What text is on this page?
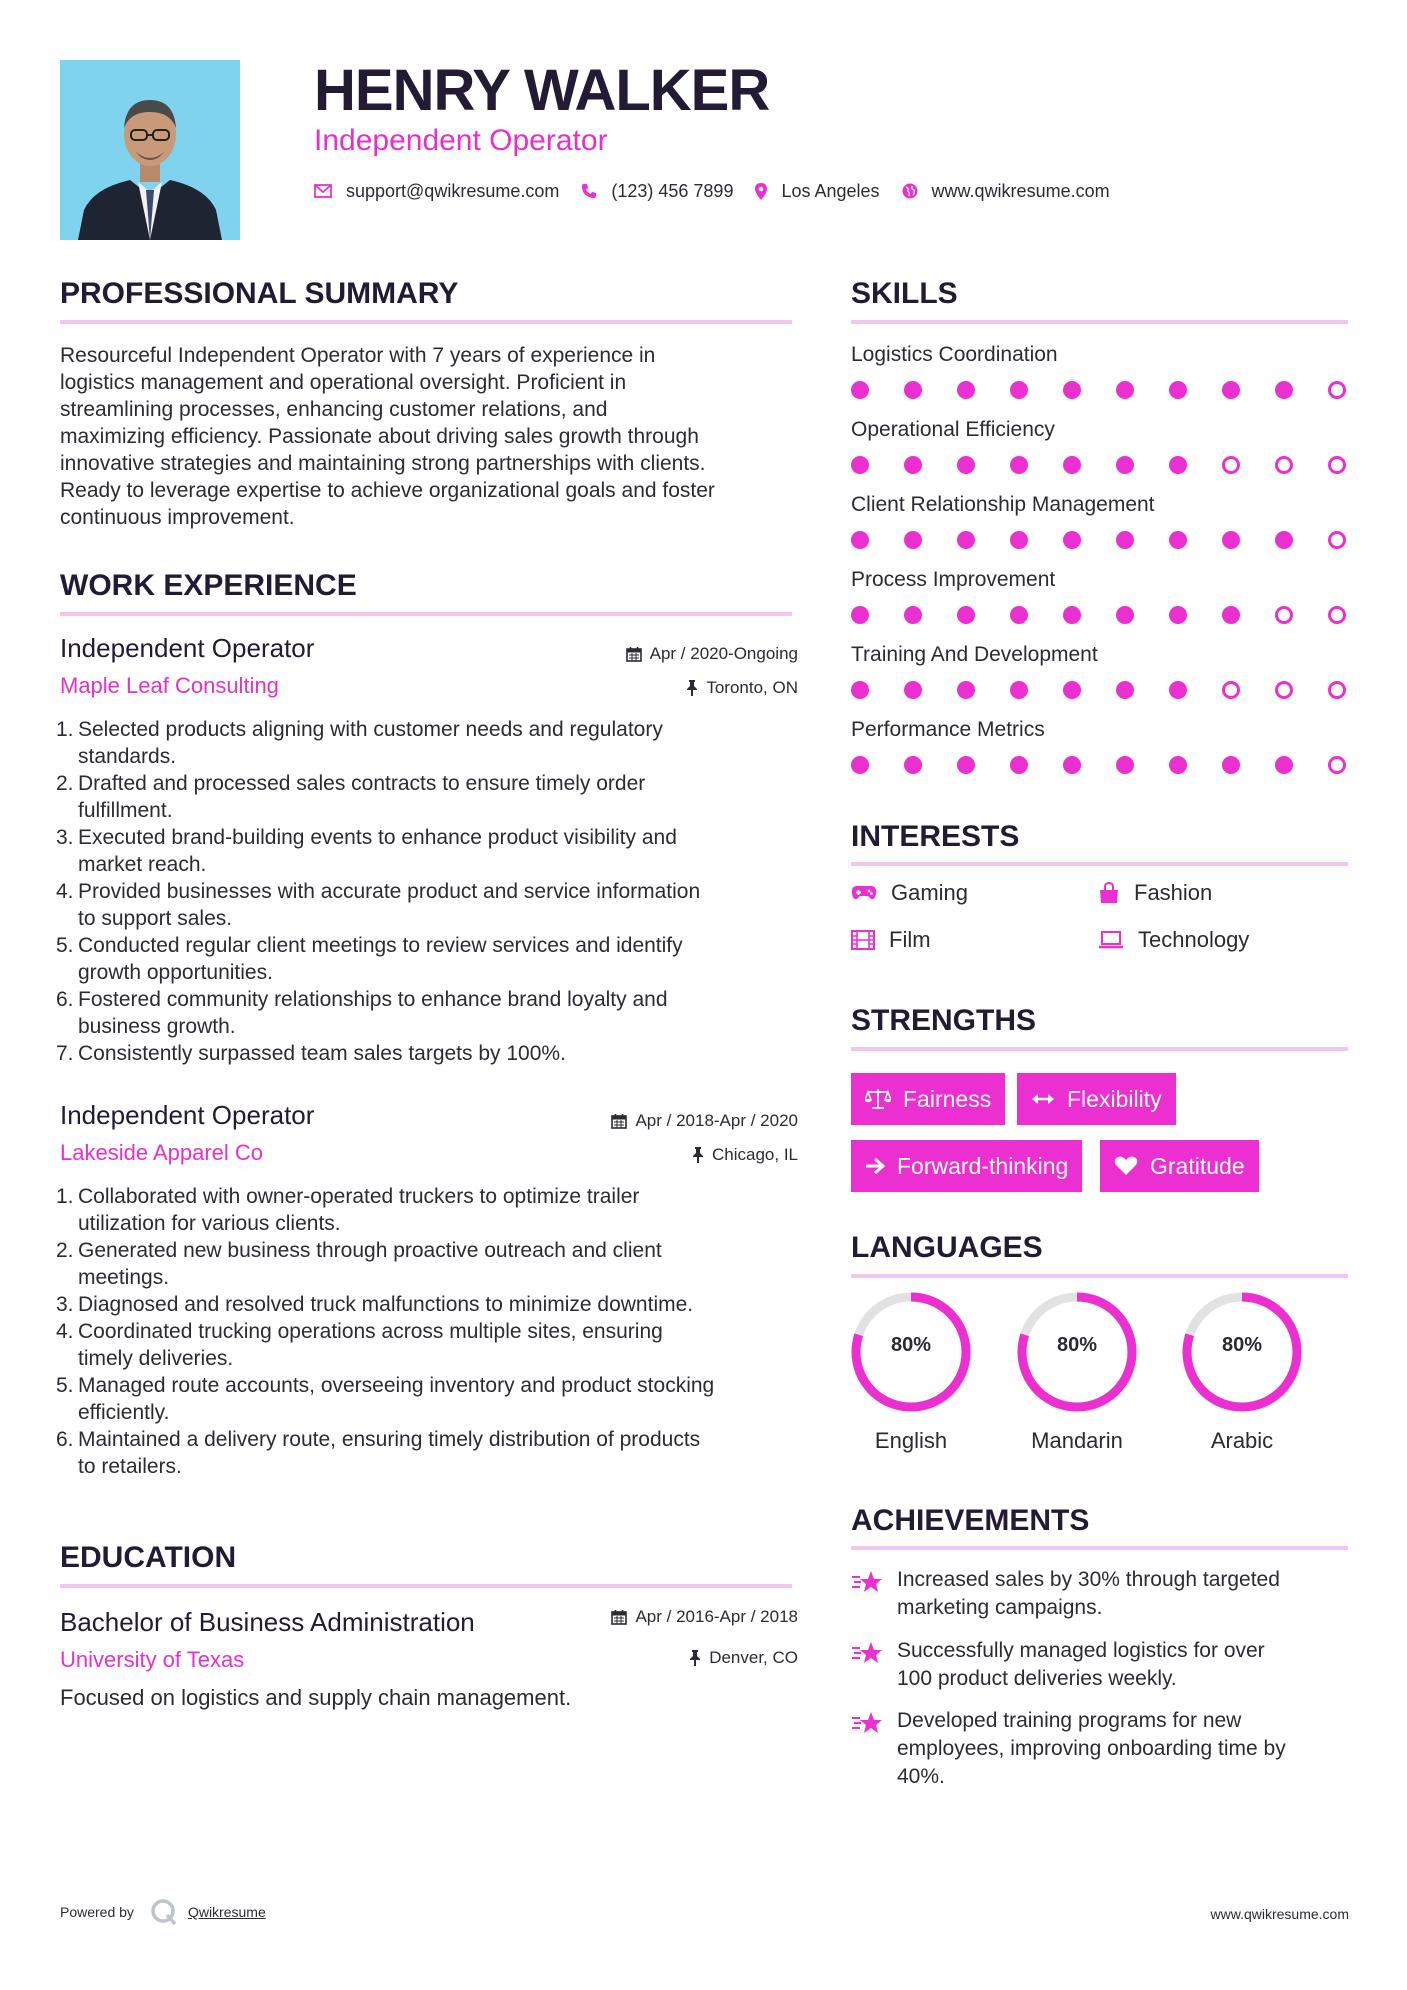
HENRY WALKER
Independent Operator
support@qwikresume.com	(123) 456 7899	Los Angeles	www.qwikresume.com
PROFESSIONAL SUMMARY
Resourceful Independent Operator with 7 years of experience in
logistics management and operational oversight. Proficient in
streamlining processes, enhancing customer relations, and
maximizing efficiency. Passionate about driving sales growth through
innovative strategies and maintaining strong partnerships with clients.
Ready to leverage expertise to achieve organizational goals and foster
continuous improvement.
WORK EXPERIENCE
Independent Operator
Maple Leaf Consulting
Apr / 2020-Ongoing
Toronto, ON
1. Selected products aligning with customer needs and regulatory
standards.
2. Drafted and processed sales contracts to ensure timely order
fulfillment.
3. Executed brand-building events to enhance product visibility and
market reach.
4. Provided businesses with accurate product and service information
to support sales.
5. Conducted regular client meetings to review services and identify
growth opportunities.
6. Fostered community relationships to enhance brand loyalty and
business growth.
7. Consistently surpassed team sales targets by 100%.
Independent Operator
Lakeside Apparel Co
Apr / 2018-Apr / 2020
Chicago, IL
1. Collaborated with owner-operated truckers to optimize trailer
utilization for various clients.
2. Generated new business through proactive outreach and client
meetings.
3. Diagnosed and resolved truck malfunctions to minimize downtime.
4. Coordinated trucking operations across multiple sites, ensuring
timely deliveries.
5. Managed route accounts, overseeing inventory and product stocking
efficiently.
6. Maintained a delivery route, ensuring timely distribution of products
to retailers.
EDUCATION
Bachelor of Business Administration
University of Texas
Apr / 2016-Apr / 2018
Denver, CO
Focused on logistics and supply chain management.
SKILLS
Logistics Coordination
Operational Efficiency
Client Relationship Management
Process Improvement
Training And Development
Performance Metrics
INTERESTS
Gaming	Fashion
Film	Technology
STRENGTHS
Fairness	Flexibility
Forward-thinking	Gratitude
LANGUAGES
80%
English
80%
Mandarin
80%
Arabic
ACHIEVEMENTS
Increased sales by 30% through targeted
marketing campaigns.
Successfully managed logistics for over
100 product deliveries weekly.
Developed training programs for new
employees, improving onboarding time by
40%.
Powered by	Qwikresume	www.qwikresume.com
